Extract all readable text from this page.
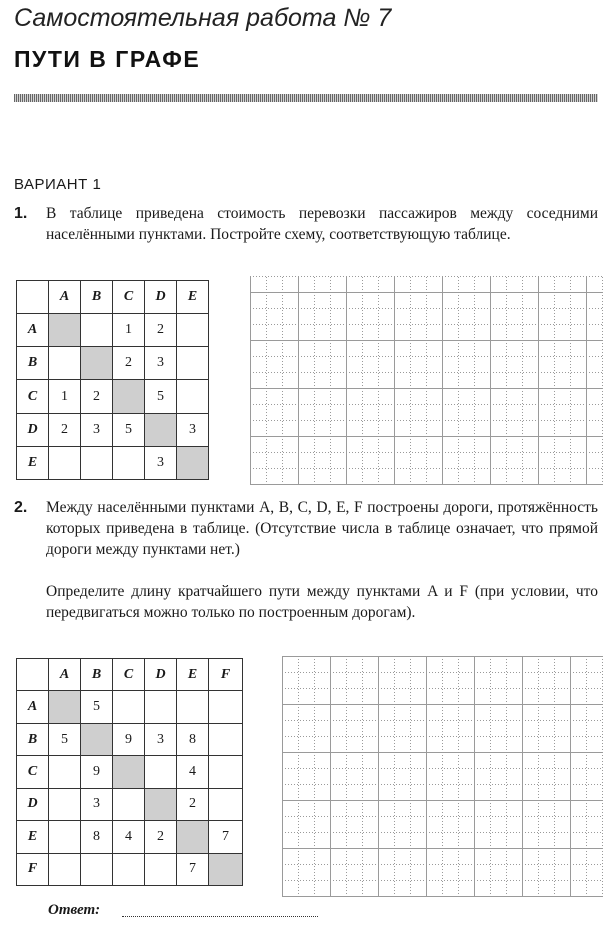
Самостоятельная работа № 7
ПУТИ В ГРАФЕ
ВАРИАНТ 1
1. В таблице приведена стоимость перевозки пассажиров между соседними населёнными пунктами. Постройте схему, соответствующую таблице.
	A	B	C	D	E
A			1	2	
B			2	3	
C	1	2		5	
D	2	3	5		3
E				3	
2. Между населёнными пунктами A, B, C, D, E, F построены дороги, протяжённость которых приведена в таблице. (Отсутствие числа в таблице означает, что прямой дороги между пунктами нет.)
Определите длину кратчайшего пути между пунктами A и F (при условии, что передвигаться можно только по построенным дорогам).
	A	B	C	D	E	F
A		5				
B	5		9	3	8	
C		9			4	
D		3			2	
E		8	4	2		7
F					7	
Ответ:
